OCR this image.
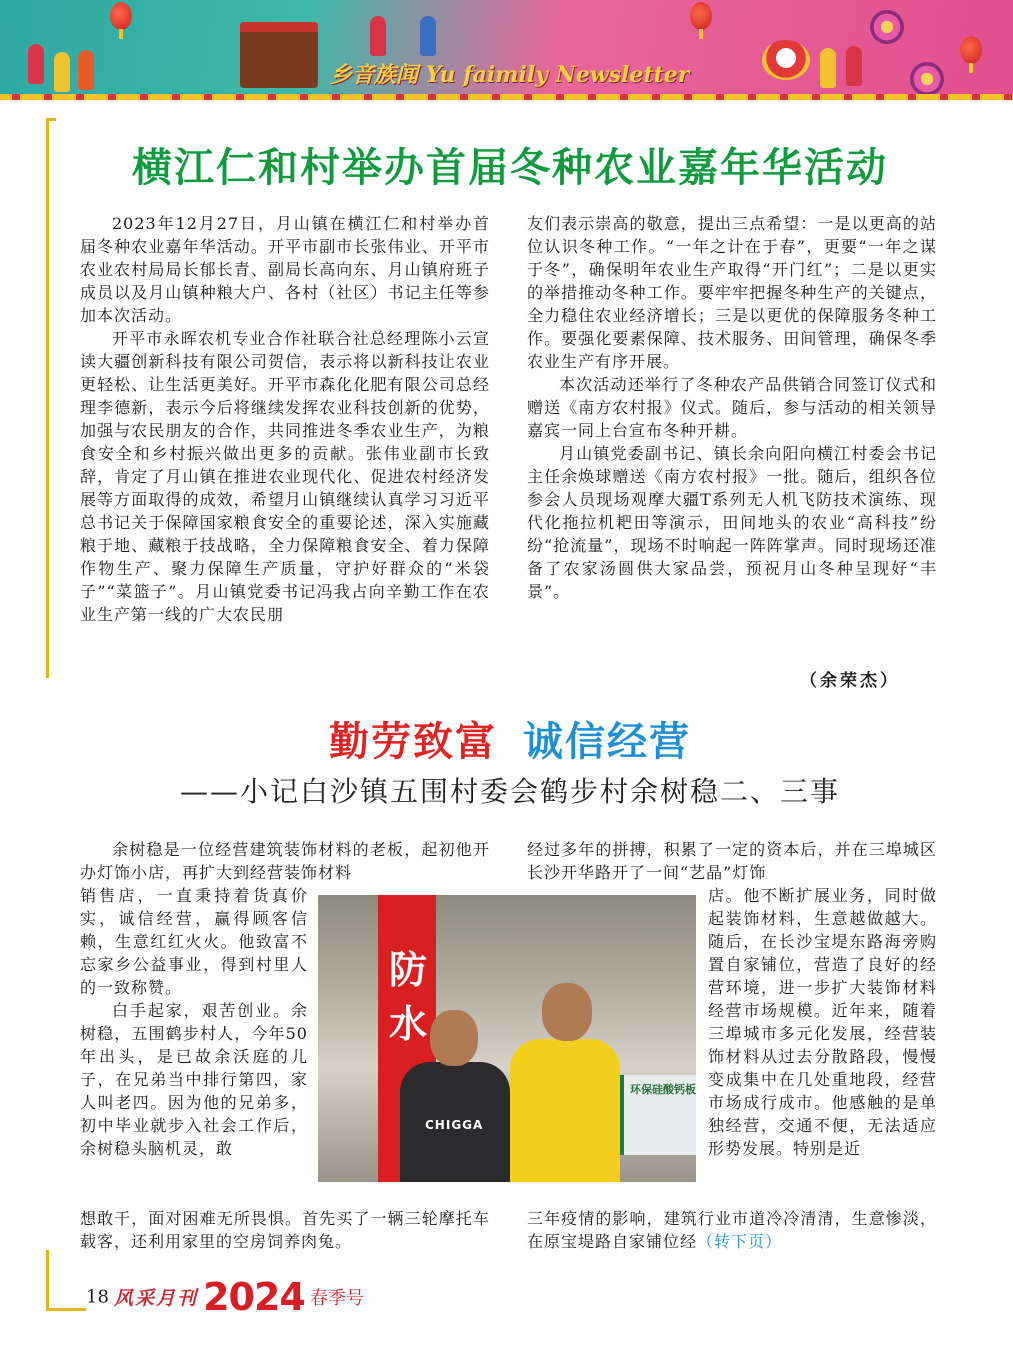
乡音族闻 Yu faimily Newsletter
横江仁和村举办首届冬种农业嘉年华活动

2023年12月27日，月山镇在横江仁和村举办首届冬种农业嘉年华活动。开平市副市长张伟业、开平市农业农村局局长郁长青、副局长高向东、月山镇府班子成员以及月山镇种粮大户、各村（社区）书记主任等参加本次活动。

开平市永晖农机专业合作社联合社总经理陈小云宣读大疆创新科技有限公司贺信，表示将以新科技让农业更轻松、让生活更美好。开平市森化化肥有限公司总经理李德新，表示今后将继续发挥农业科技创新的优势，加强与农民朋友的合作，共同推进冬季农业生产，为粮食安全和乡村振兴做出更多的贡献。张伟业副市长致辞，肯定了月山镇在推进农业现代化、促进农村经济发展等方面取得的成效，希望月山镇继续认真学习习近平总书记关于保障国家粮食安全的重要论述，深入实施藏粮于地、藏粮于技战略，全力保障粮食安全、着力保障作物生产、聚力保障生产质量，守护好群众的“米袋子”“菜篮子”。月山镇党委书记冯我占向辛勤工作在农业生产第一线的广大农民朋

友们表示崇高的敬意，提出三点希望：一是以更高的站位认识冬种工作。“一年之计在于春”，更要“一年之谋于冬”，确保明年农业生产取得“开门红”；二是以更实的举措推动冬种工作。要牢牢把握冬种生产的关键点，全力稳住农业经济增长；三是以更优的保障服务冬种工作。要强化要素保障、技术服务、田间管理，确保冬季农业生产有序开展。

本次活动还举行了冬种农产品供销合同签订仪式和赠送《南方农村报》仪式。随后，参与活动的相关领导嘉宾一同上台宣布冬种开耕。

月山镇党委副书记、镇长余向阳向横江村委会书记主任余焕球赠送《南方农村报》一批。随后，组织各位参会人员现场观摩大疆T系列无人机飞防技术演练、现代化拖拉机耙田等演示，田间地头的农业“高科技”纷纷“抢流量”，现场不时响起一阵阵掌声。同时现场还准备了农家汤圆供大家品尝，预祝月山冬种呈现好“丰景”。

（余荣杰）
勤劳致富 诚信经营
——小记白沙镇五围村委会鹤步村余树稳二、三事

余树稳是一位经营建筑装饰材料的老板，起初他开办灯饰小店，再扩大到经营装饰材料

销售店，一直秉持着货真价实，诚信经营，赢得顾客信赖，生意红红火火。他致富不忘家乡公益事业，得到村里人的一致称赞。

白手起家，艰苦创业。余树稳，五围鹤步村人，今年50年出头，是已故余沃庭的儿子，在兄弟当中排行第四，家人叫老四。因为他的兄弟多，初中毕业就步入社会工作后，余树稳头脑机灵，敢

想敢干，面对困难无所畏惧。首先买了一辆三轮摩托车载客，还利用家里的空房饲养肉兔。

经过多年的拼搏，积累了一定的资本后，并在三埠城区长沙开华路开了一间“艺晶”灯饰

店。他不断扩展业务，同时做起装饰材料，生意越做越大。随后，在长沙宝堤东路海旁购置自家铺位，营造了良好的经营环境，进一步扩大装饰材料经营市场规模。近年来，随着三埠城市多元化发展，经营装饰材料从过去分散路段，慢慢变成集中在几处重地段，经营市场成行成市。他感触的是单独经营，交通不便，无法适应形势发展。特别是近

三年疫情的影响，建筑行业市道冷冷清清，生意惨淡，在原宝堤路自家铺位经（转下页）

防
水
环保硅酸钙板
CHIGGA
18 风采月刊 2024 春季号
